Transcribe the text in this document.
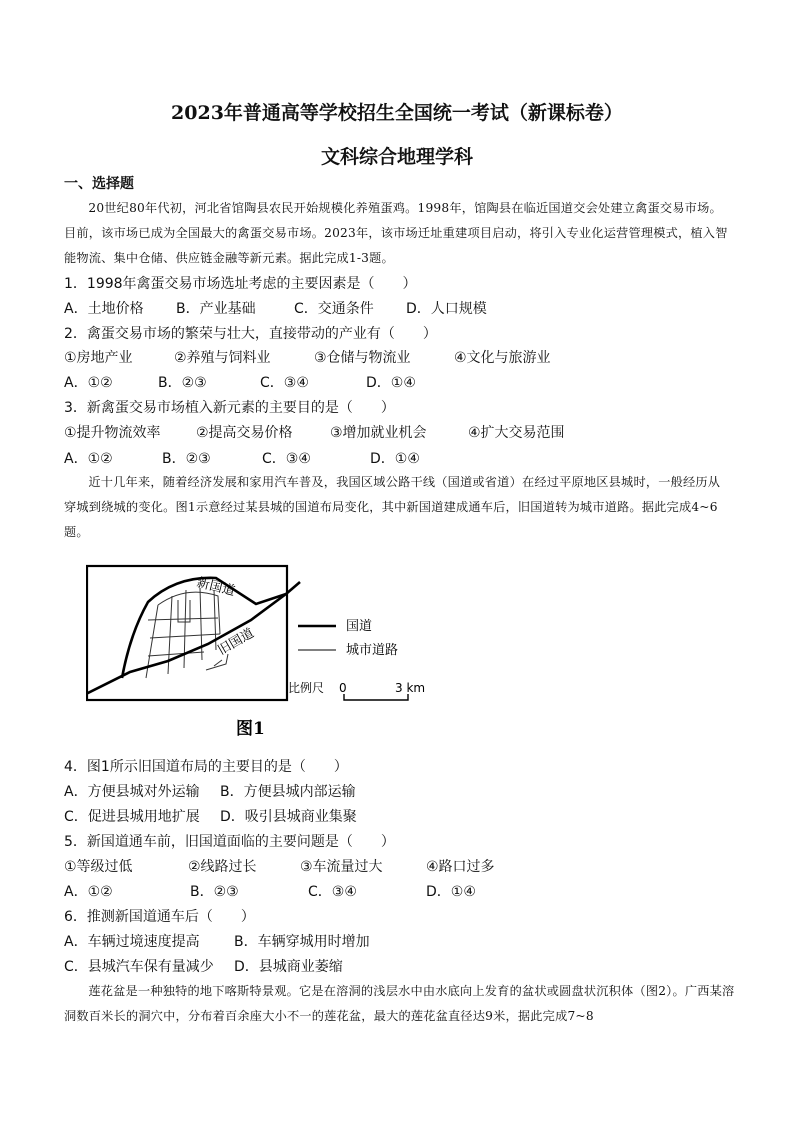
2023年普通高等学校招生全国统一考试（新课标卷）
文科综合地理学科
一、选择题
20世纪80年代初，河北省馆陶县农民开始规模化养殖蛋鸡。1998年，馆陶县在临近国道交会处建立禽蛋交易市场。目前，该市场已成为全国最大的禽蛋交易市场。2023年，该市场迁址重建项目启动，将引入专业化运营管理模式，植入智能物流、集中仓储、供应链金融等新元素。据此完成1-3题。
1．1998年禽蛋交易市场选址考虑的主要因素是（　　）
A．土地价格 B．产业基础	C．交通条件 D．人口规模
2．禽蛋交易市场的繁荣与壮大，直接带动的产业有（　　）
①房地产业	②养殖与饲料业	③仓储与物流业	④文化与旅游业
A．①②	B．②③	C．③④	D．①④
3．新禽蛋交易市场植入新元素的主要目的是（　　）
①提升物流效率	②提高交易价格	③增加就业机会	④扩大交易范围
A．①②	B．②③	C．③④	D．①④
近十几年来，随着经济发展和家用汽车普及，我国区域公路干线（国道或省道）在经过平原地区县城时，一般经历从穿城到绕城的变化。图1示意经过某县城的国道布局变化，其中新国道建成通车后，旧国道转为城市道路。据此完成4~6题。
新国道
旧国道	国道
城市道路
比例尺 0	3 km
图1
4．图1所示旧国道布局的主要目的是（　　）
A．方便县城对外运输 B．方便县城内部运输
C．促进县城用地扩展 D．吸引县城商业集聚
5．新国道通车前，旧国道面临的主要问题是（　　）
①等级过低	②线路过长	③车流量过大	④路口过多
A．①②	B．②③	C．③④	D．①④
6．推测新国道通车后（　　）
A．车辆过境速度提高 B．车辆穿城用时增加
C．县城汽车保有量减少 D．县城商业萎缩
莲花盆是一种独特的地下喀斯特景观。它是在溶洞的浅层水中由水底向上发育的盆状或圆盘状沉积体（图2）。广西某溶洞数百米长的洞穴中，分布着百余座大小不一的莲花盆，最大的莲花盆直径达9米，据此完成7~8
